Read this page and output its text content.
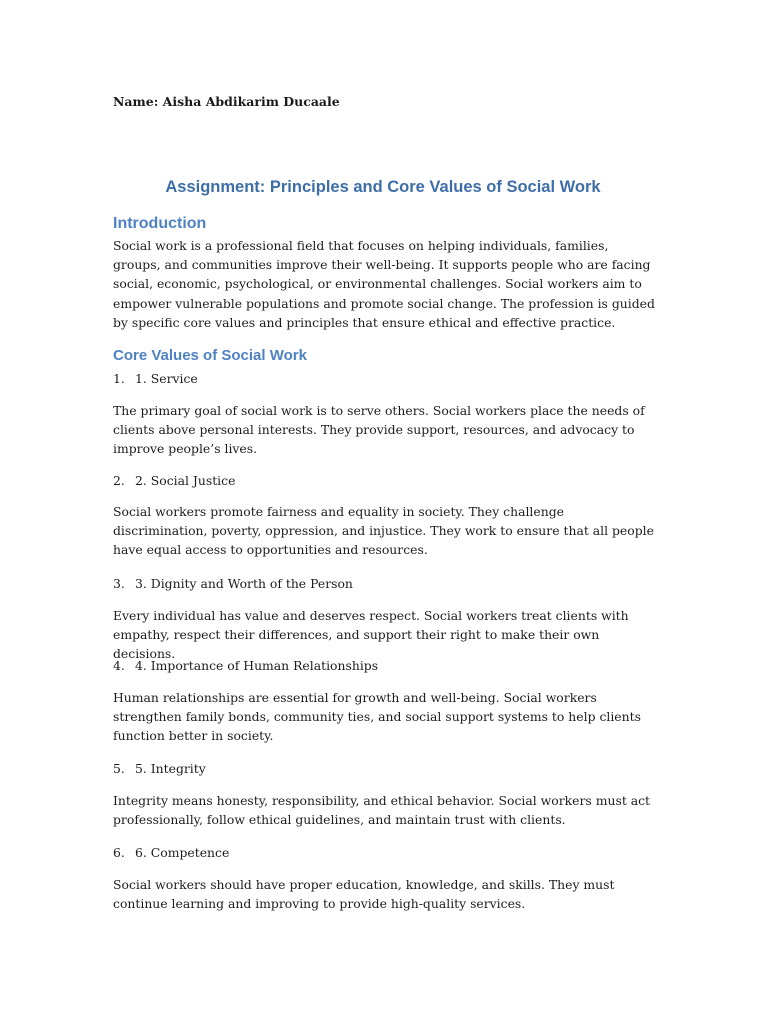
Name: Aisha Abdikarim Ducaale

Assignment: Principles and Core Values of Social Work
Introduction

Social work is a professional field that focuses on helping individuals, families, groups, and communities improve their well-being. It supports people who are facing social, economic, psychological, or environmental challenges. Social workers aim to empower vulnerable populations and promote social change. The profession is guided by specific core values and principles that ensure ethical and effective practice.

Core Values of Social Work
1. 1. Service

The primary goal of social work is to serve others. Social workers place the needs of clients above personal interests. They provide support, resources, and advocacy to improve people’s lives.

2. 2. Social Justice

Social workers promote fairness and equality in society. They challenge discrimination, poverty, oppression, and injustice. They work to ensure that all people have equal access to opportunities and resources.

3. 3. Dignity and Worth of the Person

Every individual has value and deserves respect. Social workers treat clients with empathy, respect their differences, and support their right to make their own decisions.

4. 4. Importance of Human Relationships

Human relationships are essential for growth and well-being. Social workers strengthen family bonds, community ties, and social support systems to help clients function better in society.

5. 5. Integrity

Integrity means honesty, responsibility, and ethical behavior. Social workers must act professionally, follow ethical guidelines, and maintain trust with clients.

6. 6. Competence

Social workers should have proper education, knowledge, and skills. They must continue learning and improving to provide high-quality services.
